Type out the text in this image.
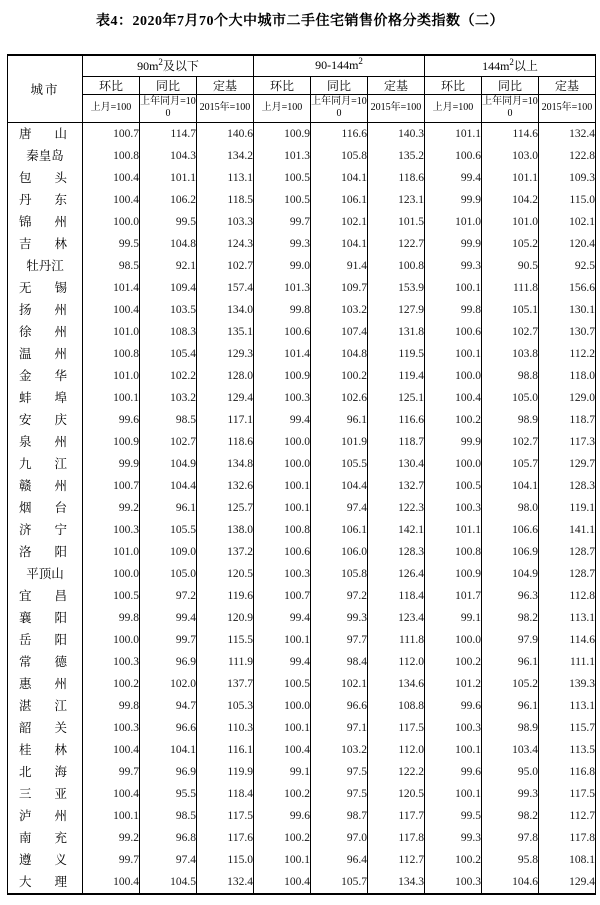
表4：2020年7月70个大中城市二手住宅销售价格分类指数（二）
城市	$90m^2$及以下			$90-144m^2$			$144m^2$以上		
	环比	同比	定基	环比	同比	定基	环比	同比	定基
	上月=100	上年同月=100	2015年=100	上月=100	上年同月=100	2015年=100	上月=100	上年同月=100	2015年=100
唐山	100.7	114.7	140.6	100.9	116.6	140.3	101.1	114.6	132.4
秦皇岛	100.8	104.3	134.2	101.3	105.8	135.2	100.6	103.0	122.8
包头	100.4	101.1	113.1	100.5	104.1	118.6	99.4	101.1	109.3
丹东	100.4	106.2	118.5	100.5	106.1	123.1	99.9	104.2	115.0
锦州	100.0	99.5	103.3	99.7	102.1	101.5	101.0	101.0	102.1
吉林	99.5	104.8	124.3	99.3	104.1	122.7	99.9	105.2	120.4
牡丹江	98.5	92.1	102.7	99.0	91.4	100.8	99.3	90.5	92.5
无锡	101.4	109.4	157.4	101.3	109.7	153.9	100.1	111.8	156.6
扬州	100.4	103.5	134.0	99.8	103.2	127.9	99.8	105.1	130.1
徐州	101.0	108.3	135.1	100.6	107.4	131.8	100.6	102.7	130.7
温州	100.8	105.4	129.3	101.4	104.8	119.5	100.1	103.8	112.2
金华	101.0	102.2	128.0	100.9	100.2	119.4	100.0	98.8	118.0
蚌埠	100.1	103.2	129.4	100.3	102.6	125.1	100.4	105.0	129.0
安庆	99.6	98.5	117.1	99.4	96.1	116.6	100.2	98.9	118.7
泉州	100.9	102.7	118.6	100.0	101.9	118.7	99.9	102.7	117.3
九江	99.9	104.9	134.8	100.0	105.5	130.4	100.0	105.7	129.7
赣州	100.7	104.4	132.6	100.1	104.4	132.7	100.5	104.1	128.3
烟台	99.2	96.1	125.7	100.1	97.4	122.3	100.3	98.0	119.1
济宁	100.3	105.5	138.0	100.8	106.1	142.1	101.1	106.6	141.1
洛阳	101.0	109.0	137.2	100.6	106.0	128.3	100.8	106.9	128.7
平顶山	100.0	105.0	120.5	100.3	105.8	126.4	100.9	104.9	128.7
宜昌	100.5	97.2	119.6	100.7	97.2	118.4	101.7	96.3	112.8
襄阳	99.8	99.4	120.9	99.4	99.3	123.4	99.1	98.2	113.1
岳阳	100.0	99.7	115.5	100.1	97.7	111.8	100.0	97.9	114.6
常德	100.3	96.9	111.9	99.4	98.4	112.0	100.2	96.1	111.1
惠州	100.2	102.0	137.7	100.5	102.1	134.6	101.2	105.2	139.3
湛江	99.8	94.7	105.3	100.0	96.6	108.8	99.6	96.1	113.1
韶关	100.3	96.6	110.3	100.1	97.1	117.5	100.3	98.9	115.7
桂林	100.4	104.1	116.1	100.4	103.2	112.0	100.1	103.4	113.5
北海	99.7	96.9	119.9	99.1	97.5	122.2	99.6	95.0	116.8
三亚	100.4	95.5	118.4	100.2	97.5	120.5	100.1	99.3	117.5
泸州	100.1	98.5	117.5	99.6	98.7	117.7	99.5	98.2	112.7
南充	99.2	96.8	117.6	100.2	97.0	117.8	99.3	97.8	117.8
遵义	99.7	97.4	115.0	100.1	96.4	112.7	100.2	95.8	108.1
大理	100.4	104.5	132.4	100.4	105.7	134.3	100.3	104.6	129.4
